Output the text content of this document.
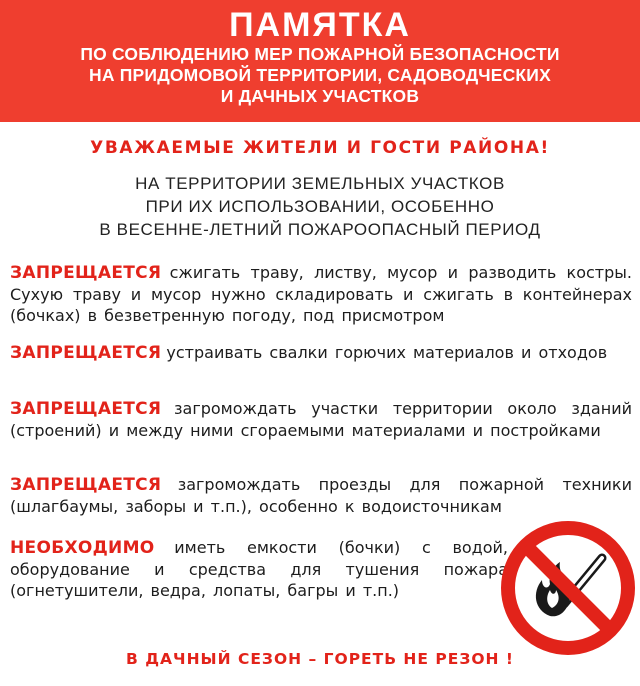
ПАМЯТКА
ПО СОБЛЮДЕНИЮ МЕР ПОЖАРНОЙ БЕЗОПАСНОСТИ
НА ПРИДОМОВОЙ ТЕРРИТОРИИ, САДОВОДЧЕСКИХ
И ДАЧНЫХ УЧАСТКОВ
УВАЖАЕМЫЕ ЖИТЕЛИ И ГОСТИ РАЙОНА!
НА ТЕРРИТОРИИ ЗЕМЕЛЬНЫХ УЧАСТКОВ
ПРИ ИХ ИСПОЛЬЗОВАНИИ, ОСОБЕННО
В ВЕСЕННЕ-ЛЕТНИЙ ПОЖАРООПАСНЫЙ ПЕРИОД

ЗАПРЕЩАЕТСЯ сжигать траву, листву, мусор и разводить костры. Сухую траву и мусор нужно складировать и сжигать в контейнерах (бочках) в безветренную погоду, под присмотром

ЗАПРЕЩАЕТСЯ устраивать свалки горючих материалов и отходов

ЗАПРЕЩАЕТСЯ загромождать участки территории около зданий (строений) и между ними сгораемыми материалами и постройками

ЗАПРЕЩАЕТСЯ загромождать проезды для пожарной техники (шлагбаумы, заборы и т.п.), особенно к водоисточникам

НЕОБХОДИМО иметь емкости (бочки) с водой, оборудование и средства для тушения пожара (огнетушители, ведра, лопаты, багры и т.п.)

В ДАЧНЫЙ СЕЗОН – ГОРЕТЬ НЕ РЕЗОН !
